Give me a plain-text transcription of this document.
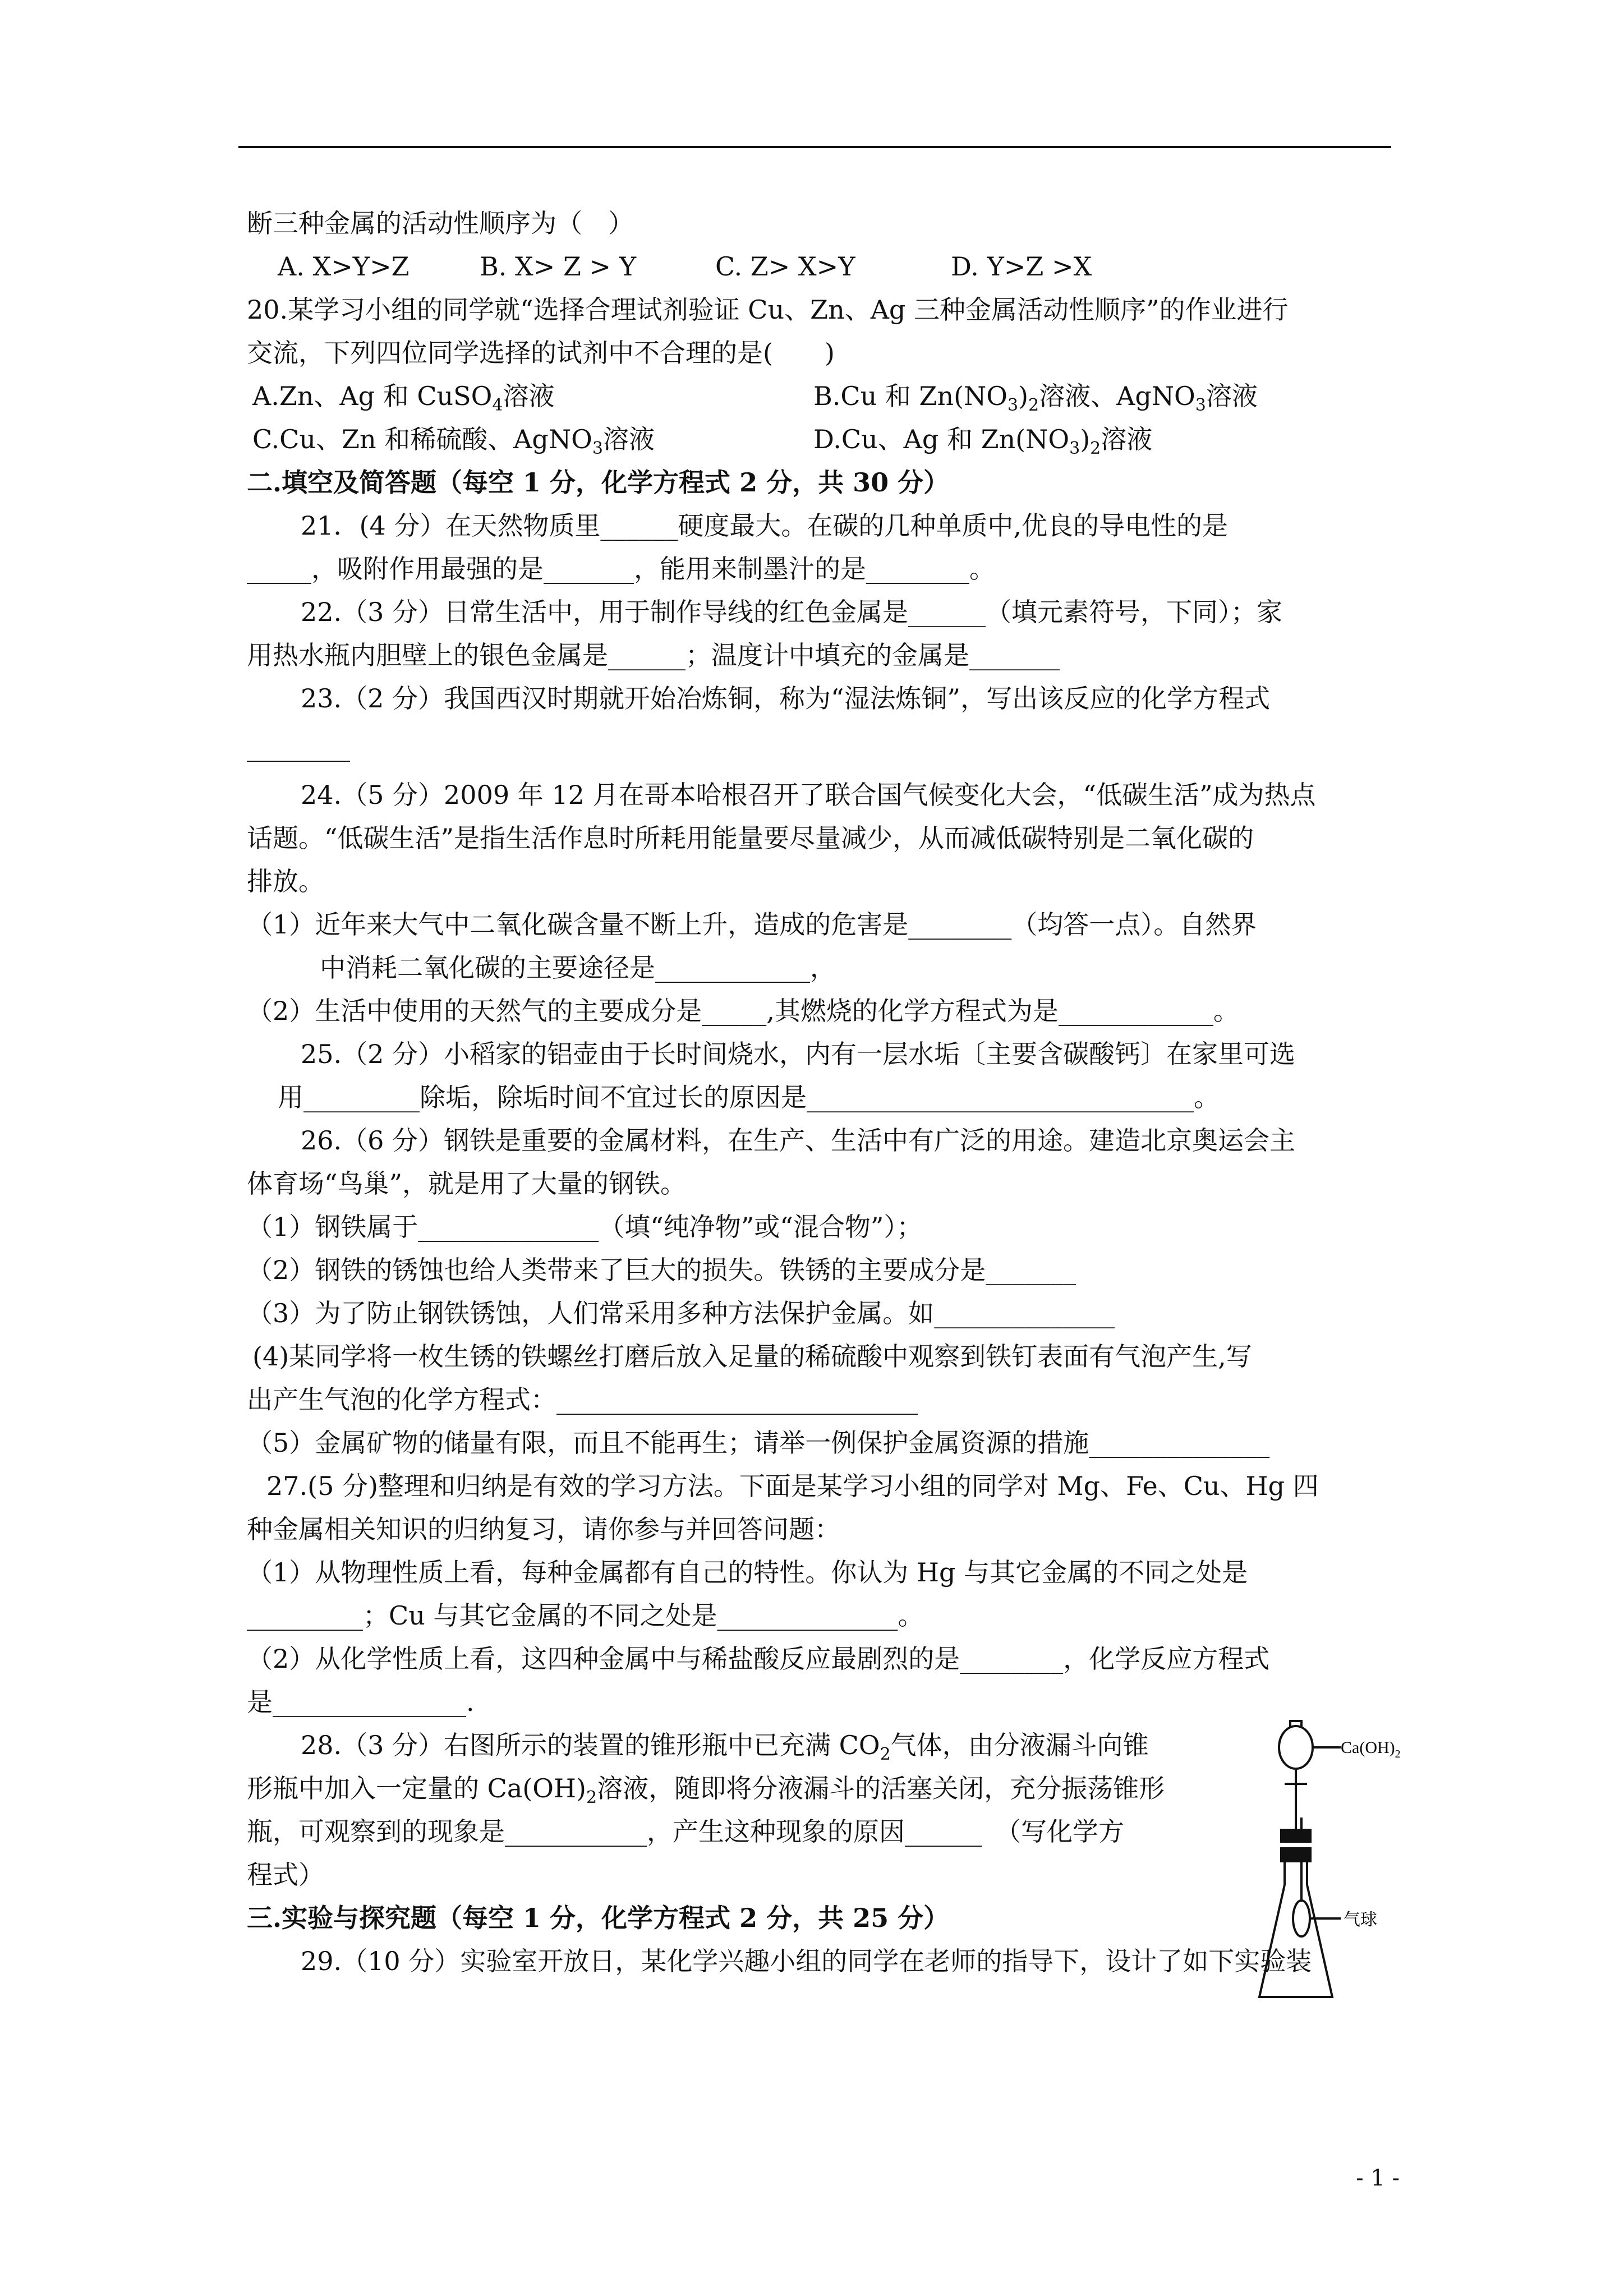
断三种金属的活动性顺序为（　）
A. X>Y>Z	B. X> Z > Y	C. Z> X>Y	D. Y>Z >X
20.某学习小组的同学就“选择合理试剂验证 Cu、Zn、Ag 三种金属活动性顺序”的作业进行
交流，下列四位同学选择的试剂中不合理的是(　　)
A.Zn、Ag 和 CuSO4溶液	B.Cu 和 Zn(NO3)2溶液、AgNO3溶液
C.Cu、Zn 和稀硫酸、AgNO3溶液	D.Cu、Ag 和 Zn(NO3)2溶液
二.填空及简答题（每空 1 分，化学方程式 2 分，共 30 分）
21．(4 分）在天然物质里______硬度最大。在碳的几种单质中,优良的导电性的是
_____，吸附作用最强的是_______，能用来制墨汁的是________。
22.（3 分）日常生活中，用于制作导线的红色金属是______（填元素符号，下同）；家
用热水瓶内胆壁上的银色金属是______；温度计中填充的金属是_______
23.（2 分）我国西汉时期就开始冶炼铜，称为“湿法炼铜”，写出该反应的化学方程式
________
24.（5 分）2009 年 12 月在哥本哈根召开了联合国气候变化大会，“低碳生活”成为热点
话题。“低碳生活”是指生活作息时所耗用能量要尽量减少，从而减低碳特别是二氧化碳的
排放。
（1）近年来大气中二氧化碳含量不断上升，造成的危害是________（均答一点）。自然界
中消耗二氧化碳的主要途径是____________，
（2）生活中使用的天然气的主要成分是_____,其燃烧的化学方程式为是____________。
25.（2 分）小稻家的铝壶由于长时间烧水，内有一层水垢〔主要含碳酸钙〕在家里可选
用_________除垢，除垢时间不宜过长的原因是______________________________。
26.（6 分）钢铁是重要的金属材料，在生产、生活中有广泛的用途。建造北京奥运会主
体育场“鸟巢”，就是用了大量的钢铁。
（1）钢铁属于______________（填“纯净物”或“混合物”）；
（2）钢铁的锈蚀也给人类带来了巨大的损失。铁锈的主要成分是_______
（3）为了防止钢铁锈蚀，人们常采用多种方法保护金属。如______________
(4)某同学将一枚生锈的铁螺丝打磨后放入足量的稀硫酸中观察到铁钉表面有气泡产生,写
出产生气泡的化学方程式：____________________________
（5）金属矿物的储量有限，而且不能再生；请举一例保护金属资源的措施______________
27.(5 分)整理和归纳是有效的学习方法。下面是某学习小组的同学对 Mg、Fe、Cu、Hg 四
种金属相关知识的归纳复习，请你参与并回答问题：
（1）从物理性质上看，每种金属都有自己的特性。你认为 Hg 与其它金属的不同之处是
_________；Cu 与其它金属的不同之处是______________。
（2）从化学性质上看，这四种金属中与稀盐酸反应最剧烈的是________，化学反应方程式
是_______________.
28.（3 分）右图所示的装置的锥形瓶中已充满 $CO_2$气体，由分液漏斗向锥
形瓶中加入一定量的 $Ca(OH)_2$溶液，随即将分液漏斗的活塞关闭，充分振荡锥形
瓶，可观察到的现象是___________，产生这种现象的原因______　（写化学方
程式）
三.实验与探究题（每空 1 分，化学方程式 2 分，共 25 分）
29.（10 分）实验室开放日，某化学兴趣小组的同学在老师的指导下，设计了如下实验装
$Ca(OH)_2$
气球
- 1 -
